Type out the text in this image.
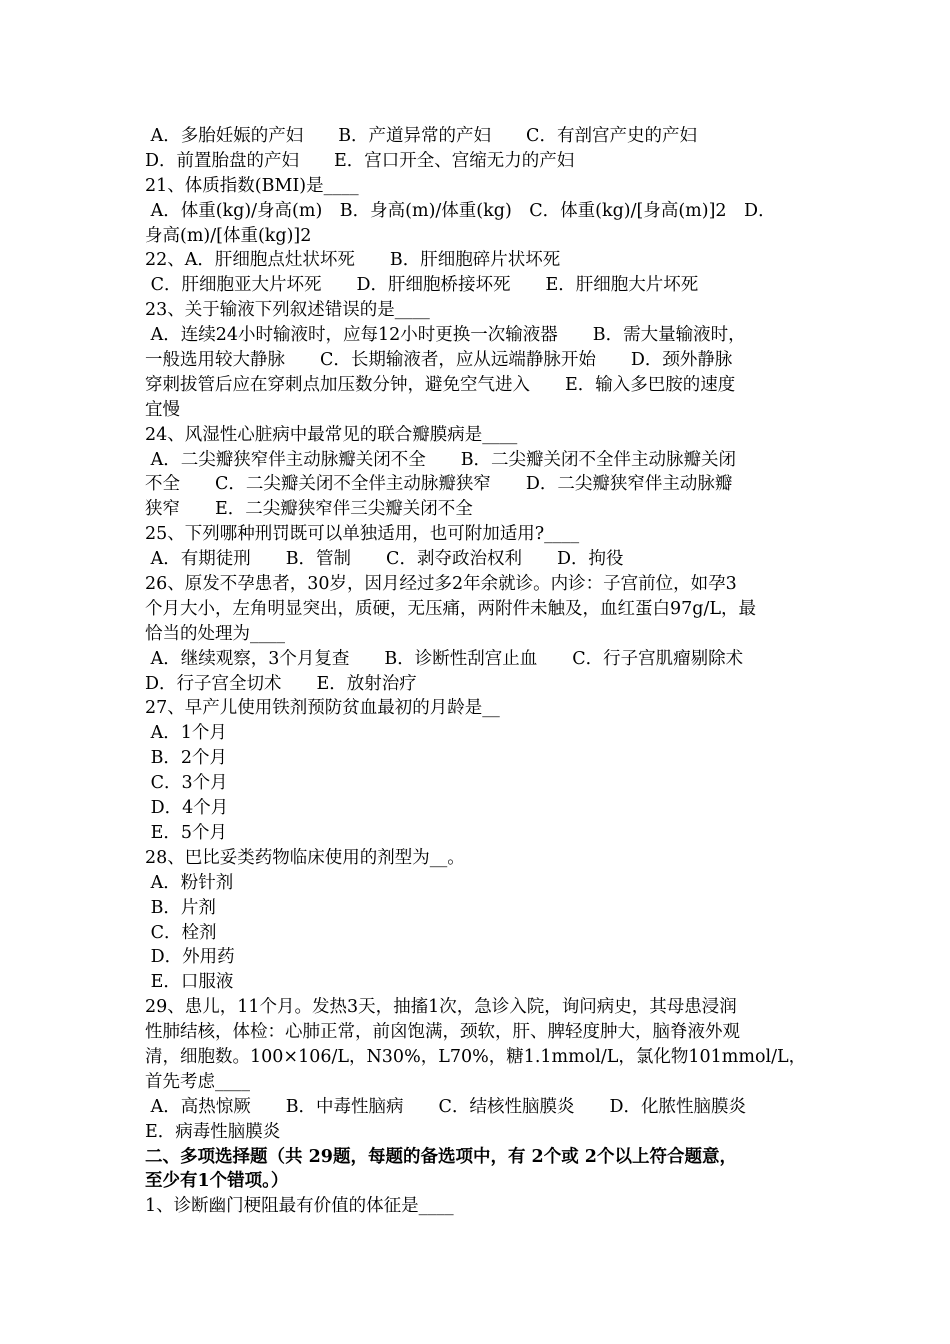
A．多胎妊娠的产妇　　B．产道异常的产妇　　C．有剖宫产史的产妇
D．前置胎盘的产妇　　E．宫口开全、宫缩无力的产妇
21、体质指数(BMI)是____
A．体重(kg)/身高(m)　B．身高(m)/体重(kg)　C．体重(kg)/[身高(m)]2　D．
身高(m)/[体重(kg)]2
22、A．肝细胞点灶状坏死　　B．肝细胞碎片状坏死
C．肝细胞亚大片坏死　　D．肝细胞桥接坏死　　E．肝细胞大片坏死
23、关于输液下列叙述错误的是____
A．连续24小时输液时，应每12小时更换一次输液器　　B．需大量输液时，
一般选用较大静脉　　C．长期输液者，应从远端静脉开始　　D．颈外静脉
穿刺拔管后应在穿刺点加压数分钟，避免空气进入　　E．输入多巴胺的速度
宜慢
24、风湿性心脏病中最常见的联合瓣膜病是____
A．二尖瓣狭窄伴主动脉瓣关闭不全　　B．二尖瓣关闭不全伴主动脉瓣关闭
不全　　C．二尖瓣关闭不全伴主动脉瓣狭窄　　D．二尖瓣狭窄伴主动脉瓣
狭窄　　E．二尖瓣狭窄伴三尖瓣关闭不全
25、下列哪种刑罚既可以单独适用，也可附加适用?____
A．有期徒刑　　B．管制　　C．剥夺政治权利　　D．拘役
26、原发不孕患者，30岁，因月经过多2年余就诊。内诊：子宫前位，如孕3
个月大小，左角明显突出，质硬，无压痛，两附件未触及，血红蛋白97g/L，最
恰当的处理为____
A．继续观察，3个月复查　　B．诊断性刮宫止血　　C．行子宫肌瘤剔除术
D．行子宫全切术　　E．放射治疗
27、早产儿使用铁剂预防贫血最初的月龄是__
A．1个月
B．2个月
C．3个月
D．4个月
E．5个月
28、巴比妥类药物临床使用的剂型为__。
A．粉针剂
B．片剂
C．栓剂
D．外用药
E．口服液
29、患儿，11个月。发热3天，抽搐1次，急诊入院，询问病史，其母患浸润
性肺结核，体检：心肺正常，前囟饱满，颈软，肝、脾轻度肿大，脑脊液外观
清，细胞数。100×106/L，N30%，L70%，糖1.1mmol/L，氯化物101mmol/L，
首先考虑____
A．高热惊厥　　B．中毒性脑病　　C．结核性脑膜炎　　D．化脓性脑膜炎
E．病毒性脑膜炎
二、多项选择题（共 29题，每题的备选项中，有 2个或 2个以上符合题意，
至少有1个错项。）
1、诊断幽门梗阻最有价值的体征是____
